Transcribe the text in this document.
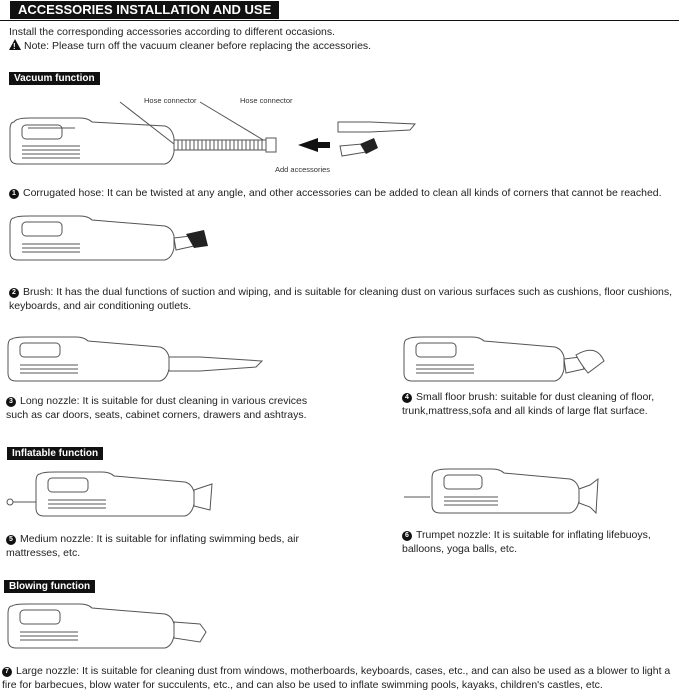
ACCESSORIES INSTALLATION AND USE
Install the corresponding accessories according to different occasions.
!Note: Please turn off the vacuum cleaner before replacing the accessories.
Vacuum function
Hose connector	Hose connector
Add accessories
1 Corrugated hose: It can be twisted at any angle, and other accessories can be added to clean all kinds of corners that cannot be reached.
2 Brush: It has the dual functions of suction and wiping, and is suitable for cleaning dust on various surfaces such as cushions, floor cushions, keyboards, and air conditioning outlets.
3 Long nozzle: It is suitable for dust cleaning in various crevices
such as car doors, seats, cabinet corners, drawers and ashtrays.
4 Small floor brush: suitable for dust cleaning of floor,
trunk,mattress,sofa and all kinds of large flat surface.
Inflatable function
5 Medium nozzle: It is suitable for inflating swimming beds, air
mattresses, etc.
6 Trumpet nozzle: It is suitable for inflating lifebuoys,
balloons, yoga balls, etc.
Blowing function
7 Large nozzle: It is suitable for cleaning dust from windows, motherboards, keyboards, cases, etc., and can also be used as a blower to light a
fire for barbecues, blow water for succulents, etc., and can also be used to inflate swimming pools, kayaks, children's castles, etc.
